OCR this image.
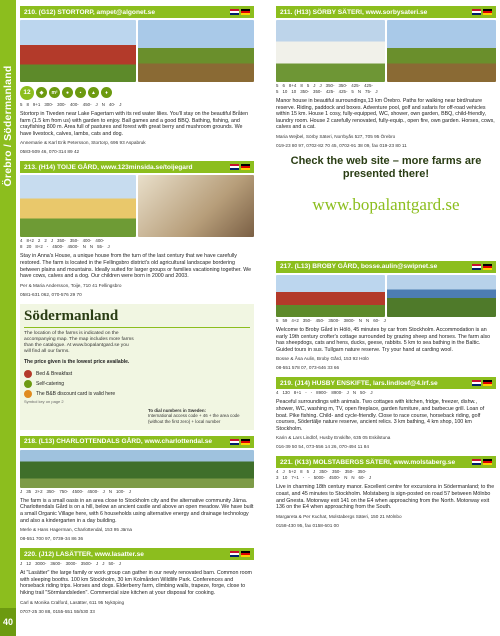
Örebro / Södermanland
40
210. (G12) STORTORP, ampet@algonet.se
12	◆	m²	●	▪	▲	♦
5 8 9+1 300- 300- 400- 450- J N 40- J

Stortorp in Tiveden near Lake Fagertarn with its red water lilies. You'll stay on the beautiful Bråten farm (1.5 km from us) with garden to enjoy. Ball games and a good BBQ. Bathing, fishing, and crayfishing 800 m. Area full of pastures and forest with great berry and mushroom grounds. We have livestock, calves, lambs, cats and dog.

Annemarie & Karl Erik Petersson, Stortorp, 696 93 Aspabruk

0583-509 46, 070-314 89 42

213. (H14) TOIJE GÅRD, www.123minsida.se/toijegard
4 8+2 2 2 J 350- 350- 400- 400-
8 20 8+2 - 4500- 4500- N N 55- J

Stay in Anna's House, a unique house from the turn of the last century that we have carefully restored. The farm is located in the Fellingsbro district's old agricultural landscape bordering between plains and mountains. Ideally suited for larger groups or families vacationing together. We have cows, calves and a dog. Our children were born in 2000 and 2003.

Per & Maria Andersson, Toije, 710 41 Fellingsbro

0581-631 062, 070-576 29 70

Södermanland

The location of the farms is indicated on the accompanying map. The map includes more farms than the catalogue. At www.bopalantgard.se you will find all our farms.

The price given is the lowest price available.

Bed & Breakfast
Self-catering
The B&B discount card is valid here
Symbol key on page 2
To dial numbers in Sweden:
International access code + 46 + the area code (without the first zero) + local number
218. (L13) CHARLOTTENDALS GÅRD, www.charlottendal.se
J 35 2+2 350- 750- 4500- 4500- J N 100- J

The farm is a small oasis in an area close to Stockholm city and the alternative community Järna. Charlottendals Gård is on a hill, below an ancient castle and above an open meadow. We have built a small Organic Village here, with 6 households using alternative energy and drainage technology and also a kindergarten in a day building.

Merle & Hans Hagerman, Charlottendal, 153 95 Järna

08-551 700 97, 0739-34 86 36

220. (J12) LASÄTTER, www.lasatter.se
J 12 3000- 3600- 3000- 3500- J J 50- J

At "Lasätter" the large family or work group can gather in our newly renovated barn. Common room with sleeping booths. 100 km Stockholm, 30 km Kolmården Wildlife Park. Conferences and horseback riding trips. Horses and dogs. Elderberry farm, climbing walls, trapeze, forge, close to hiking trail "Sörmlandsleden". Commercial size kitchen at your disposal for cooking.

Carl & Monika Cralford, Lasätter, 611 95 Nyköping

0707-25 30 88, 0155-551 55/530 33

211. (H13) SÖRBY SÄTERI, www.sorbysateri.se
5 6 8+4 8 5 J J 350- 350- 425- 425-
5 10 10 350- 350- 425- 425- 5 N 75- J

Manor house in beautiful surroundings,13 km Örebro. Paths for walking near bird/nature reserve. Riding, paddock and boxes. Adventure pool, golf and safaris for off-road vehicles within 15 km. House 1 cosy, fully-equipped, WC, shower, own garden, BBQ, child-friendly, laundry room. House 2 carefully renovated, fully-equip., open fire, own garden. Horses, cows, calves and a cat.

Maria Wejbel, Sörby Säteri, Norrbyås 527, 705 95 Örebro

019-23 80 97, 0702-82 70 45, 0702-91 38 09, fax 019-23 80 11

Check the web site – more farms are presented there!

www.bopalantgard.se

217. (L13) BROBY GÅRD, bosse.aulin@swipnet.se
5 59 4+2 350- 450- 3500- 3800- N N 60- J

Welcome to Broby Gård in Hölö, 45 minutes by car from Stockholm. Accommodation is an early 19th century crofter's cottage surrounded by grazing sheep and horses. The farm also has sheepdogs, cats and hens, ducks, geese, rabbits. 5 km to sea bathing in the Baltic. Guided tours in sus. Tullgarn nature reserve. Try your hand at carding wool.

Bosse & Åsa Aulin, Broby Gård, 153 92 Hölö

08-551 578 07, 073-646 33 66

219. (J14) HUSBY ENSKIFTE, lars.lindloef@4.lrf.se
4 130 8+1 - - 8900- 8900- J N 50- J

Peaceful surroundings with animals. Two cottages with kitchen, fridge, freezer, dishw., shower, WC, washing m, TV, open fireplace, garden furniture, and barbecue grill. Loan of boat. Pike fishing. Child- and cycle-friendly. Close to race course, horseback riding, golf courses, Södertälje nature reserve, ancient relics. 3 km bathing, 4 km shop, 100 km Stockholm.

Karin & Lars Lindlöf, Husby Enskifte, 635 05 Eskilstuna

016-39 50 54, 073-556 14 26, 070-494 11 84

221. (K13) MOLSTABERGS SÄTERI, www.molstaberg.se
4 J 5+2 8 5 J 350- 350- 350- 350-
3 10 7+1 - - 5000- 4500- N N 60- J

Live in charming 18th century manor. Excellent centre for excursions in Södermanland; to the coast, and 45 minutes to Stockholm. Molstaberg is sign-posted on road 57 between Mölnbo and Gnesta. Motorway exit 141 on the E4 when approaching from the North. Motorway exit 136 on the E4 when approaching from the South.

Margareta & Per Kuchat, Molstabergs Säteri, 150 21 Mölnbo

0158-430 95, fax 0158-601 00
